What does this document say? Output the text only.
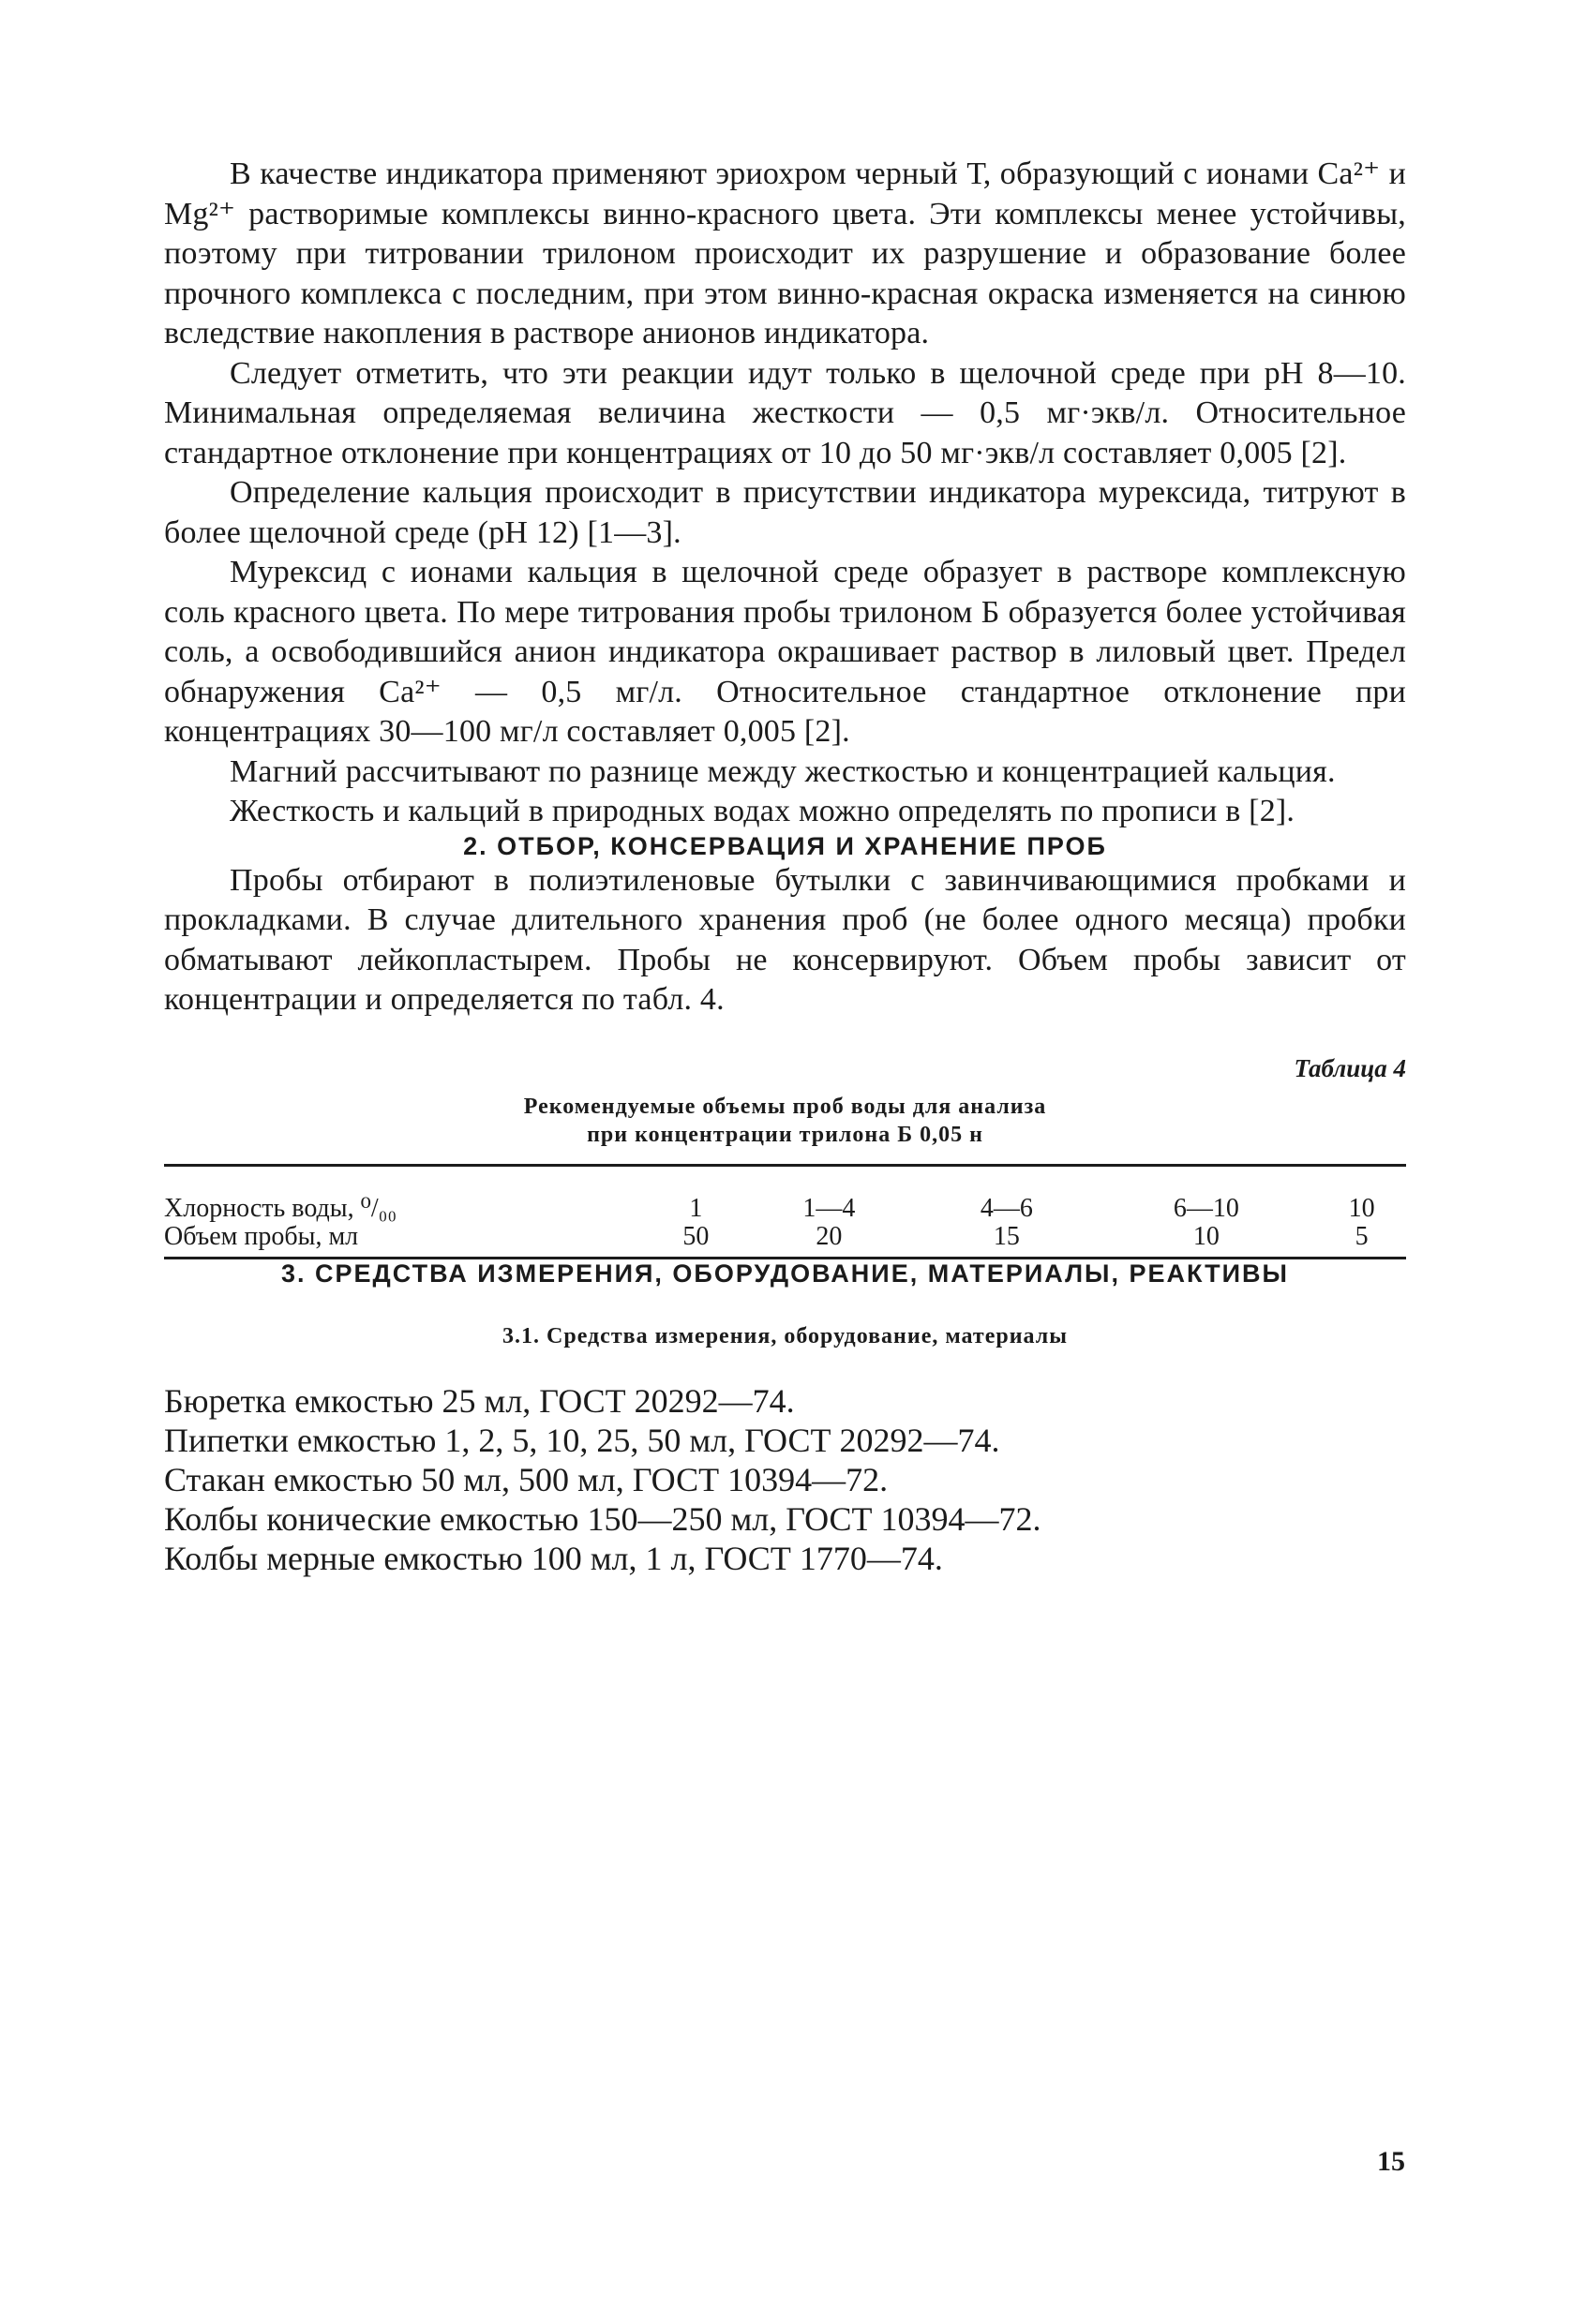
В качестве индикатора применяют эриохром черный Т, образующий с ионами Ca²⁺ и Mg²⁺ растворимые комплексы винно-красного цвета. Эти комплексы менее устойчивы, поэтому при титровании трилоном происходит их разрушение и образование более прочного комплекса с последним, при этом винно-красная окраска изменяется на синюю вследствие накопления в растворе анионов индикатора.

Следует отметить, что эти реакции идут только в щелочной среде при pH 8—10. Минимальная определяемая величина жесткости — 0,5 мг·экв/л. Относительное стандартное отклонение при концентрациях от 10 до 50 мг·экв/л составляет 0,005 [2].

Определение кальция происходит в присутствии индикатора мурексида, титруют в более щелочной среде (pH 12) [1—3].

Мурексид с ионами кальция в щелочной среде образует в растворе комплексную соль красного цвета. По мере титрования пробы трилоном Б образуется более устойчивая соль, а освободившийся анион индикатора окрашивает раствор в лиловый цвет. Предел обнаружения Ca²⁺ — 0,5 мг/л. Относительное стандартное отклонение при концентрациях 30—100 мг/л составляет 0,005 [2].

Магний рассчитывают по разнице между жесткостью и концентрацией кальция.

Жесткость и кальций в природных водах можно определять по прописи в [2].

2. ОТБОР, КОНСЕРВАЦИЯ И ХРАНЕНИЕ ПРОБ

Пробы отбирают в полиэтиленовые бутылки с завинчивающимися пробками и прокладками. В случае длительного хранения проб (не более одного месяца) пробки обматывают лейкопластырем. Пробы не консервируют. Объем пробы зависит от концентрации и определяется по табл. 4.

Таблица 4
Рекомендуемые объемы проб воды для анализа
при концентрации трилона Б 0,05 н

Хлорность воды, ⁰/₀₀	1	1—4	4—6	6—10	10
Объем пробы, мл	50	20	15	10	5
3. СРЕДСТВА ИЗМЕРЕНИЯ, ОБОРУДОВАНИЕ, МАТЕРИАЛЫ, РЕАКТИВЫ
3.1. Средства измерения, оборудование, материалы
Бюретка емкостью 25 мл, ГОСТ 20292—74.
Пипетки емкостью 1, 2, 5, 10, 25, 50 мл, ГОСТ 20292—74.
Стакан емкостью 50 мл, 500 мл, ГОСТ 10394—72.
Колбы конические емкостью 150—250 мл, ГОСТ 10394—72.
Колбы мерные емкостью 100 мл, 1 л, ГОСТ 1770—74.
15
